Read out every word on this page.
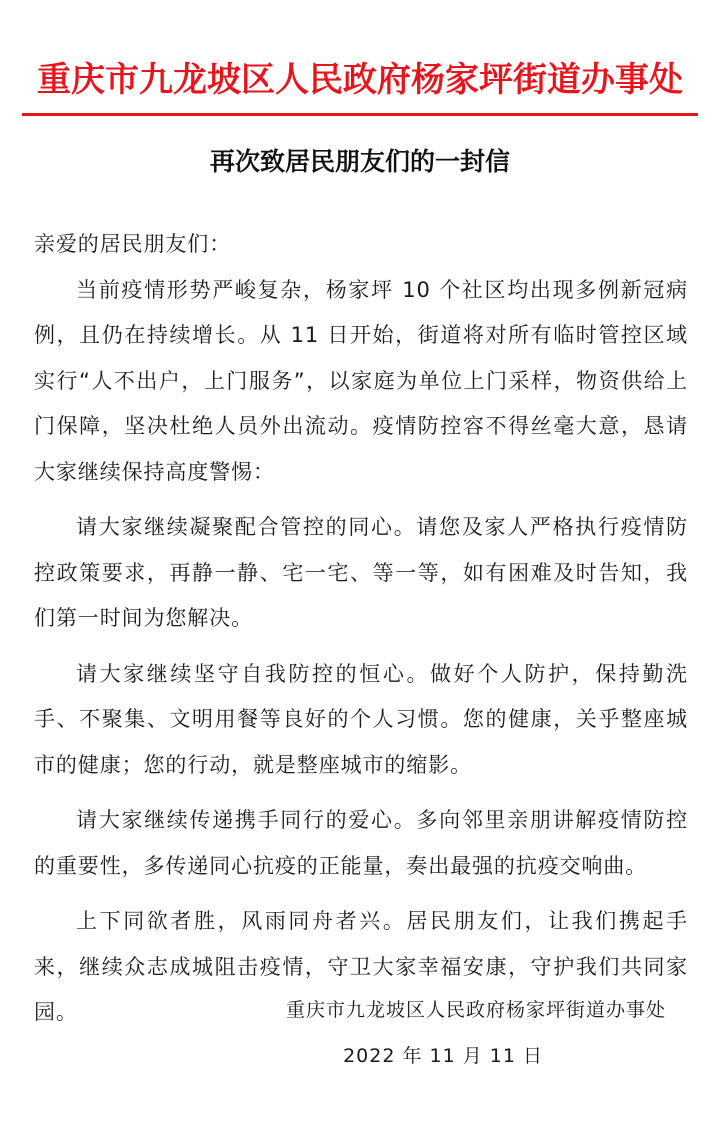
重庆市九龙坡区人民政府杨家坪街道办事处
再次致居民朋友们的一封信

亲爱的居民朋友们：

当前疫情形势严峻复杂，杨家坪 10 个社区均出现多例新冠病例，且仍在持续增长。从 11 日开始，街道将对所有临时管控区域实行“人不出户，上门服务”，以家庭为单位上门采样，物资供给上门保障，坚决杜绝人员外出流动。疫情防控容不得丝毫大意，恳请大家继续保持高度警惕：

请大家继续凝聚配合管控的同心。请您及家人严格执行疫情防控政策要求，再静一静、宅一宅、等一等，如有困难及时告知，我们第一时间为您解决。

请大家继续坚守自我防控的恒心。做好个人防护，保持勤洗手、不聚集、文明用餐等良好的个人习惯。您的健康，关乎整座城市的健康；您的行动，就是整座城市的缩影。

请大家继续传递携手同行的爱心。多向邻里亲朋讲解疫情防控的重要性，多传递同心抗疫的正能量，奏出最强的抗疫交响曲。

上下同欲者胜，风雨同舟者兴。居民朋友们，让我们携起手来，继续众志成城阻击疫情，守卫大家幸福安康，守护我们共同家园。	重庆市九龙坡区人民政府杨家坪街道办事处
2022 年 11 月 11 日
